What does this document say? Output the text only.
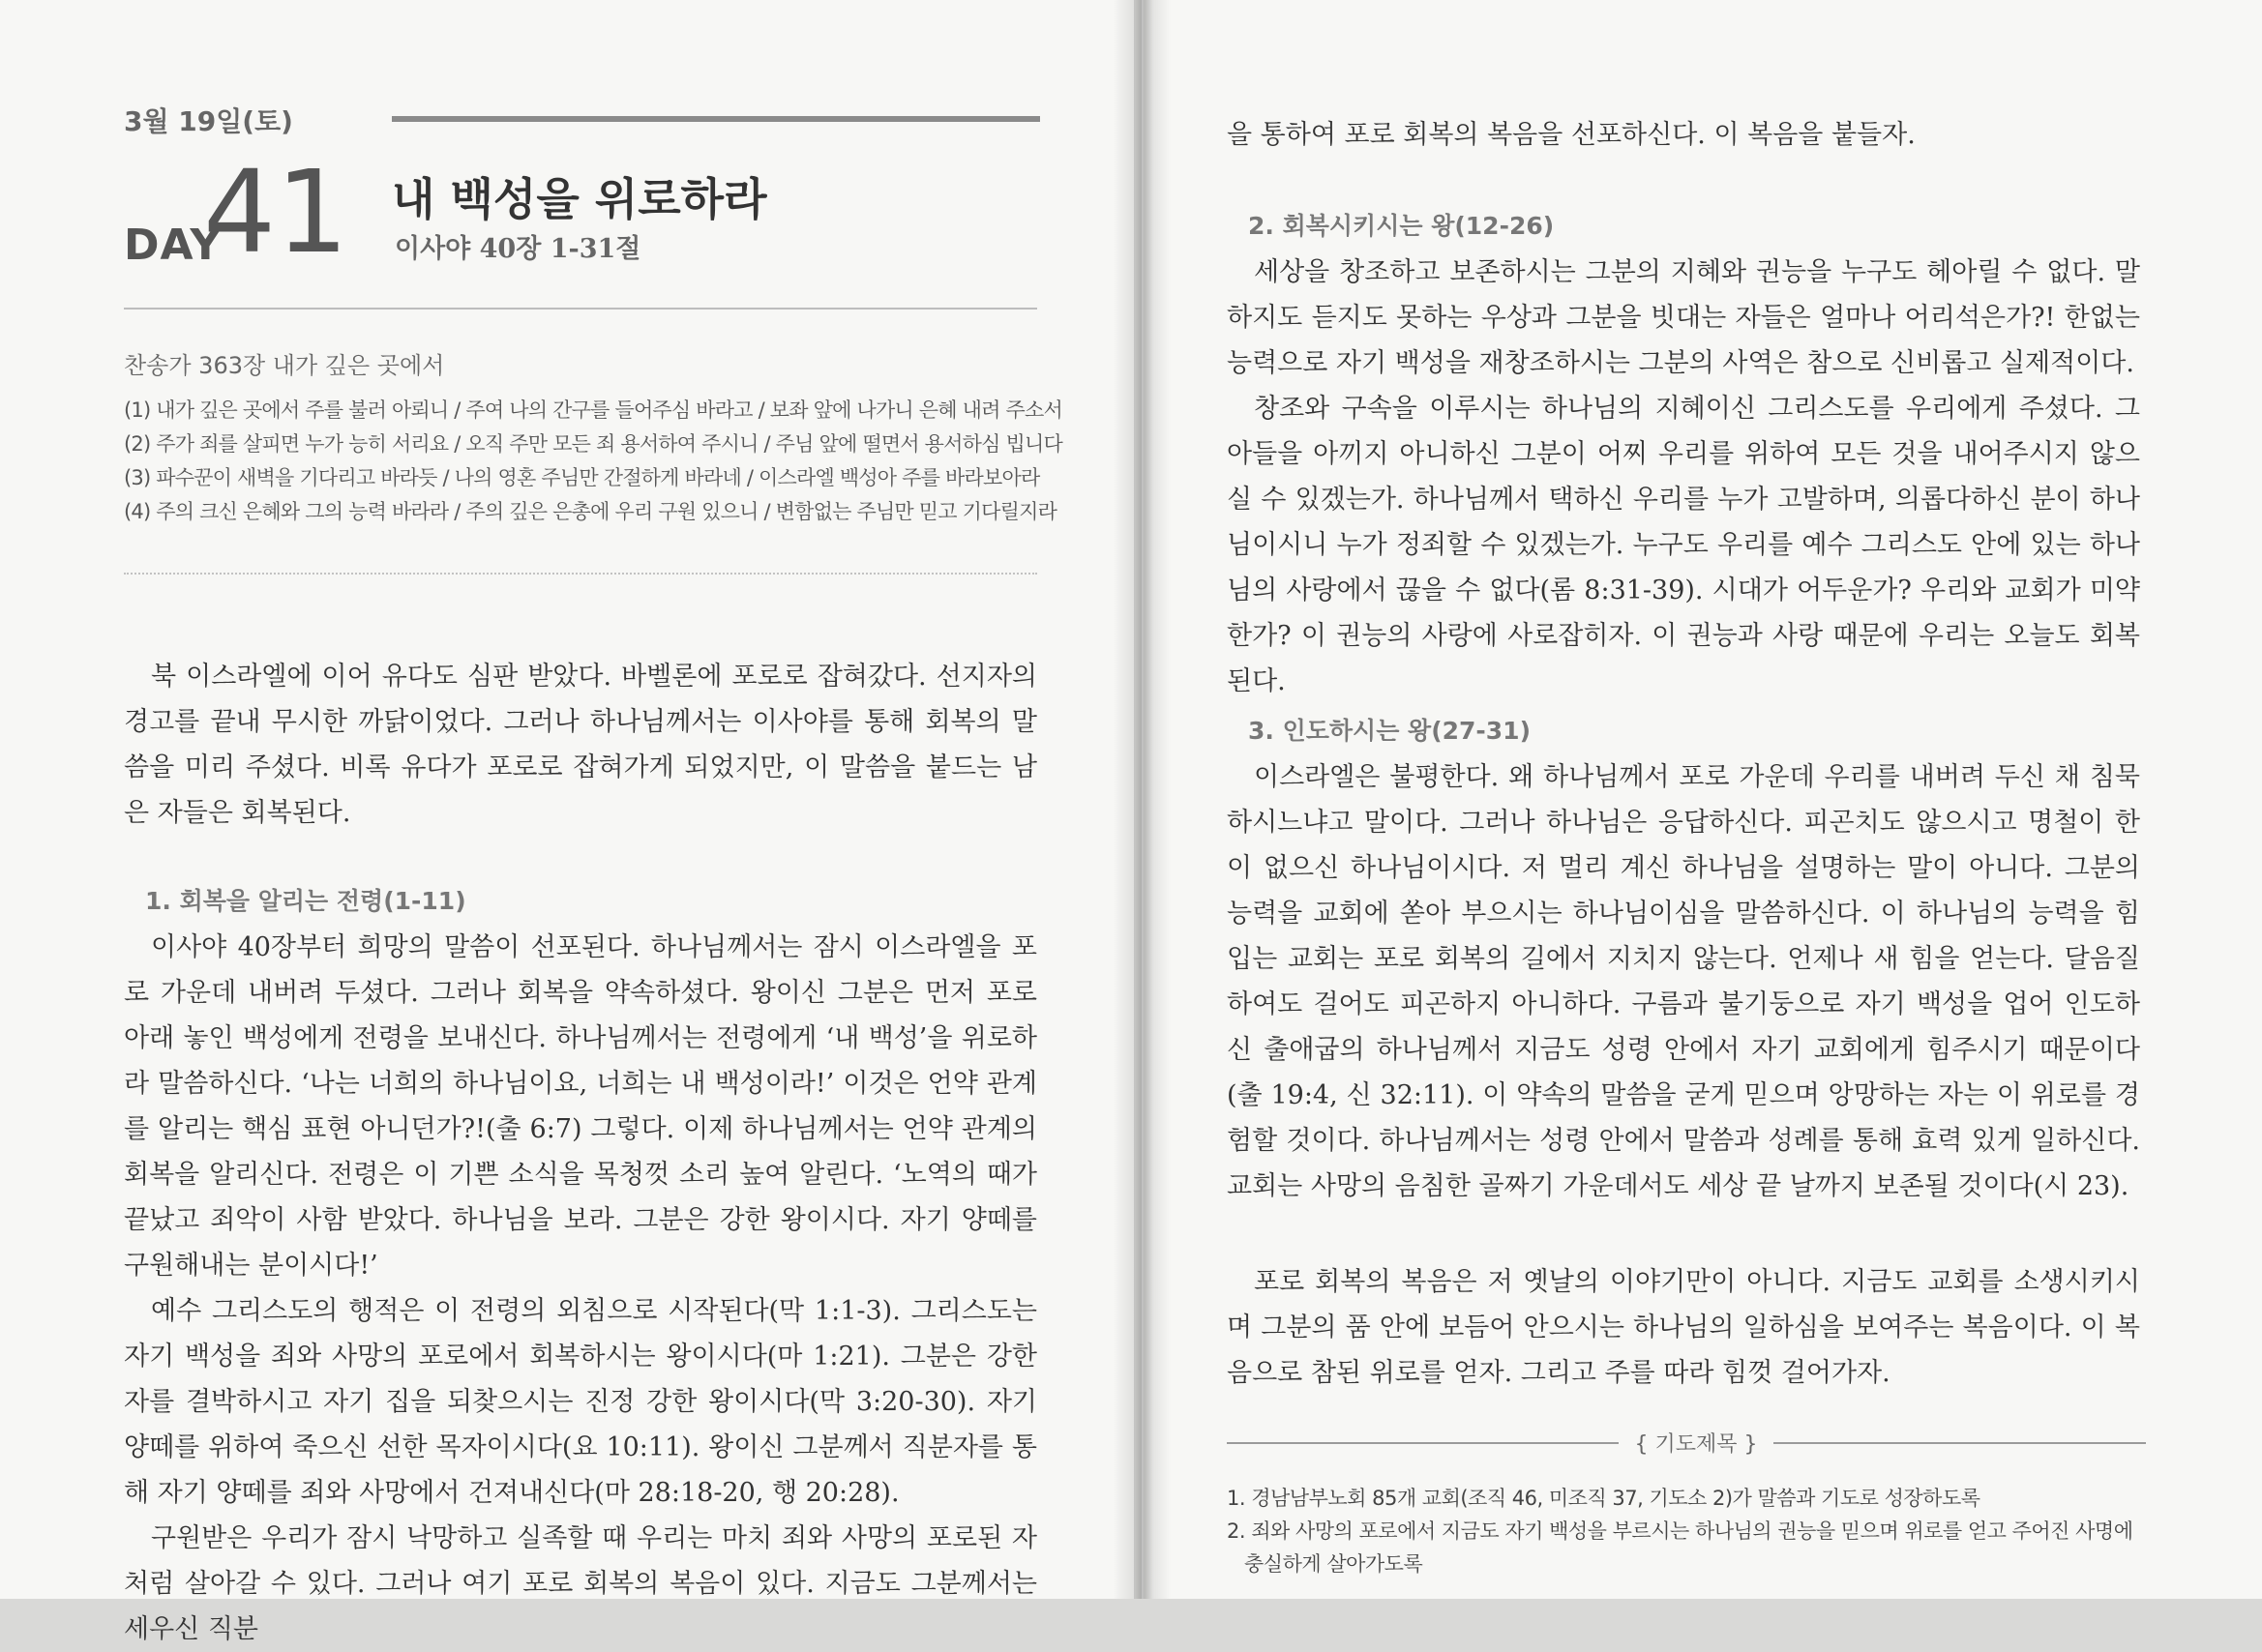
3월 19일(토)
DAY
41 내 백성을 위로하라
이사야 40장 1-31절
찬송가 363장 내가 깊은 곳에서
(1) 내가 깊은 곳에서 주를 불러 아뢰니 / 주여 나의 간구를 들어주심 바라고 / 보좌 앞에 나가니 은혜 내려 주소서
(2) 주가 죄를 살피면 누가 능히 서리요 / 오직 주만 모든 죄 용서하여 주시니 / 주님 앞에 떨면서 용서하심 빕니다
(3) 파수꾼이 새벽을 기다리고 바라듯 / 나의 영혼 주님만 간절하게 바라네 / 이스라엘 백성아 주를 바라보아라
(4) 주의 크신 은혜와 그의 능력 바라라 / 주의 깊은 은총에 우리 구원 있으니 / 변함없는 주님만 믿고 기다릴지라

북 이스라엘에 이어 유다도 심판 받았다. 바벨론에 포로로 잡혀갔다. 선지자의 경고를 끝내 무시한 까닭이었다. 그러나 하나님께서는 이사야를 통해 회복의 말씀을 미리 주셨다. 비록 유다가 포로로 잡혀가게 되었지만, 이 말씀을 붙드는 남은 자들은 회복된다.

1. 회복을 알리는 전령(1-11)

이사야 40장부터 희망의 말씀이 선포된다. 하나님께서는 잠시 이스라엘을 포로 가운데 내버려 두셨다. 그러나 회복을 약속하셨다. 왕이신 그분은 먼저 포로 아래 놓인 백성에게 전령을 보내신다. 하나님께서는 전령에게 ‘내 백성’을 위로하라 말씀하신다. ‘나는 너희의 하나님이요, 너희는 내 백성이라!’ 이것은 언약 관계를 알리는 핵심 표현 아니던가?!(출 6:7) 그렇다. 이제 하나님께서는 언약 관계의 회복을 알리신다. 전령은 이 기쁜 소식을 목청껏 소리 높여 알린다. ‘노역의 때가 끝났고 죄악이 사함 받았다. 하나님을 보라. 그분은 강한 왕이시다. 자기 양떼를 구원해내는 분이시다!’

예수 그리스도의 행적은 이 전령의 외침으로 시작된다(막 1:1-3). 그리스도는 자기 백성을 죄와 사망의 포로에서 회복하시는 왕이시다(마 1:21). 그분은 강한 자를 결박하시고 자기 집을 되찾으시는 진정 강한 왕이시다(막 3:20-30). 자기 양떼를 위하여 죽으신 선한 목자이시다(요 10:11). 왕이신 그분께서 직분자를 통해 자기 양떼를 죄와 사망에서 건져내신다(마 28:18-20, 행 20:28).

구원받은 우리가 잠시 낙망하고 실족할 때 우리는 마치 죄와 사망의 포로된 자처럼 살아갈 수 있다. 그러나 여기 포로 회복의 복음이 있다. 지금도 그분께서는 세우신 직분

을 통하여 포로 회복의 복음을 선포하신다. 이 복음을 붙들자.

2. 회복시키시는 왕(12-26)

세상을 창조하고 보존하시는 그분의 지혜와 권능을 누구도 헤아릴 수 없다. 말하지도 듣지도 못하는 우상과 그분을 빗대는 자들은 얼마나 어리석은가?! 한없는 능력으로 자기 백성을 재창조하시는 그분의 사역은 참으로 신비롭고 실제적이다.

창조와 구속을 이루시는 하나님의 지혜이신 그리스도를 우리에게 주셨다. 그 아들을 아끼지 아니하신 그분이 어찌 우리를 위하여 모든 것을 내어주시지 않으실 수 있겠는가. 하나님께서 택하신 우리를 누가 고발하며, 의롭다하신 분이 하나님이시니 누가 정죄할 수 있겠는가. 누구도 우리를 예수 그리스도 안에 있는 하나님의 사랑에서 끊을 수 없다(롬 8:31-39). 시대가 어두운가? 우리와 교회가 미약한가? 이 권능의 사랑에 사로잡히자. 이 권능과 사랑 때문에 우리는 오늘도 회복된다.

3. 인도하시는 왕(27-31)

이스라엘은 불평한다. 왜 하나님께서 포로 가운데 우리를 내버려 두신 채 침묵하시느냐고 말이다. 그러나 하나님은 응답하신다. 피곤치도 않으시고 명철이 한이 없으신 하나님이시다. 저 멀리 계신 하나님을 설명하는 말이 아니다. 그분의 능력을 교회에 쏟아 부으시는 하나님이심을 말씀하신다. 이 하나님의 능력을 힘입는 교회는 포로 회복의 길에서 지치지 않는다. 언제나 새 힘을 얻는다. 달음질하여도 걸어도 피곤하지 아니하다. 구름과 불기둥으로 자기 백성을 업어 인도하신 출애굽의 하나님께서 지금도 성령 안에서 자기 교회에게 힘주시기 때문이다(출 19:4, 신 32:11). 이 약속의 말씀을 굳게 믿으며 앙망하는 자는 이 위로를 경험할 것이다. 하나님께서는 성령 안에서 말씀과 성례를 통해 효력 있게 일하신다. 교회는 사망의 음침한 골짜기 가운데서도 세상 끝 날까지 보존될 것이다(시 23).

포로 회복의 복음은 저 옛날의 이야기만이 아니다. 지금도 교회를 소생시키시며 그분의 품 안에 보듬어 안으시는 하나님의 일하심을 보여주는 복음이다. 이 복음으로 참된 위로를 얻자. 그리고 주를 따라 힘껏 걸어가자.

{ 기도제목 }
1. 경남남부노회 85개 교회(조직 46, 미조직 37, 기도소 2)가 말씀과 기도로 성장하도록
2. 죄와 사망의 포로에서 지금도 자기 백성을 부르시는 하나님의 권능을 믿으며 위로를 얻고 주어진 사명에
충실하게 살아가도록
